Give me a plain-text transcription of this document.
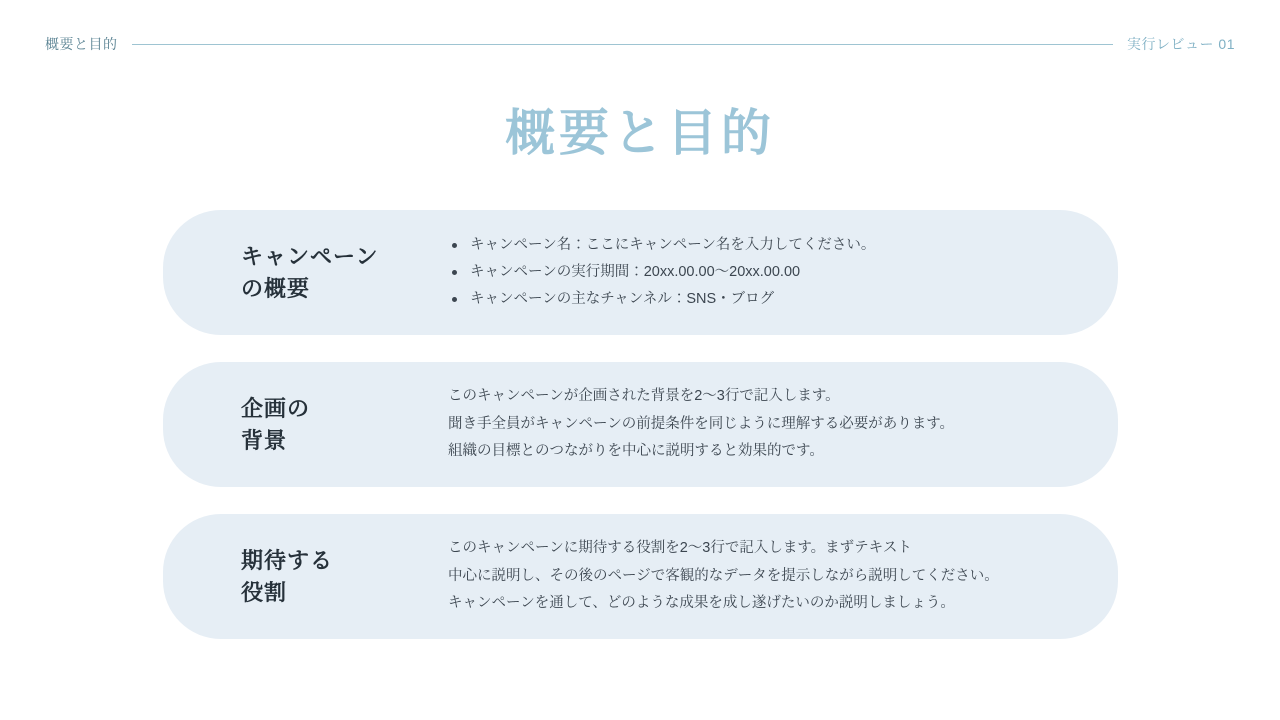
概要と目的	実行レビュー 01
概要と目的
キャンペーン
の概要
キャンペーン名：ここにキャンペーン名を入力してください。
キャンペーンの実行期間：20xx.00.00〜20xx.00.00
キャンペーンの主なチャンネル：SNS・ブログ
企画の
背景
このキャンペーンが企画された背景を2〜3行で記入します。
聞き手全員がキャンペーンの前提条件を同じように理解する必要があります。
組織の目標とのつながりを中心に説明すると効果的です。
期待する
役割
このキャンペーンに期待する役割を2〜3行で記入します。まずテキスト
中心に説明し、その後のページで客観的なデータを提示しながら説明してください。
キャンペーンを通して、どのような成果を成し遂げたいのか説明しましょう。
